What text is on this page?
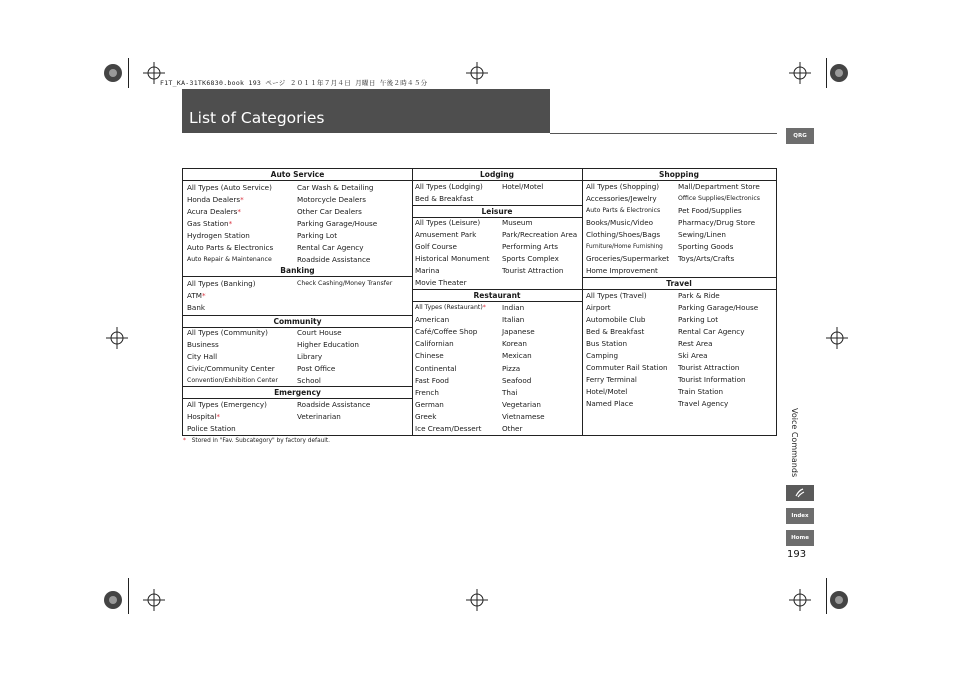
F1T_KA-31TK6830.book 193 ページ ２０１１年７月４日 月曜日 午後２時４５分
List of Categories
QRG
Voice Commands
Index
Home
193
Auto Service
Banking
Community
Emergency
All Types (Auto Service)
Honda Dealers*
Acura Dealers*
Gas Station*
Hydrogen Station
Auto Parts & Electronics
Auto Repair & Maintenance
Car Wash & Detailing
Motorcycle Dealers
Other Car Dealers
Parking Garage/House
Parking Lot
Rental Car Agency
Roadside Assistance
All Types (Banking)
ATM*
Bank
Check Cashing/Money Transfer
All Types (Community)
Business
City Hall
Civic/Community Center
Convention/Exhibition Center
Court House
Higher Education
Library
Post Office
School
All Types (Emergency)
Hospital*
Police Station
Roadside Assistance
Veterinarian
Lodging
Leisure
Restaurant
All Types (Lodging)
Bed & Breakfast
Hotel/Motel
All Types (Leisure)
Amusement Park
Golf Course
Historical Monument
Marina
Movie Theater
Museum
Park/Recreation Area
Performing Arts
Sports Complex
Tourist Attraction
All Types (Restaurant)*
American
Café/Coffee Shop
Californian
Chinese
Continental
Fast Food
French
German
Greek
Ice Cream/Dessert
Indian
Italian
Japanese
Korean
Mexican
Pizza
Seafood
Thai
Vegetarian
Vietnamese
Other
Shopping
Travel
All Types (Shopping)
Accessories/Jewelry
Auto Parts & Electronics
Books/Music/Video
Clothing/Shoes/Bags
Furniture/Home Furnishing
Groceries/Supermarket
Home Improvement
Mall/Department Store
Office Supplies/Electronics
Pet Food/Supplies
Pharmacy/Drug Store
Sewing/Linen
Sporting Goods
Toys/Arts/Crafts
All Types (Travel)
Airport
Automobile Club
Bed & Breakfast
Bus Station
Camping
Commuter Rail Station
Ferry Terminal
Hotel/Motel
Named Place
Park & Ride
Parking Garage/House
Parking Lot
Rental Car Agency
Rest Area
Ski Area
Tourist Attraction
Tourist Information
Train Station
Travel Agency
* Stored in "Fav. Subcategory" by factory default.
